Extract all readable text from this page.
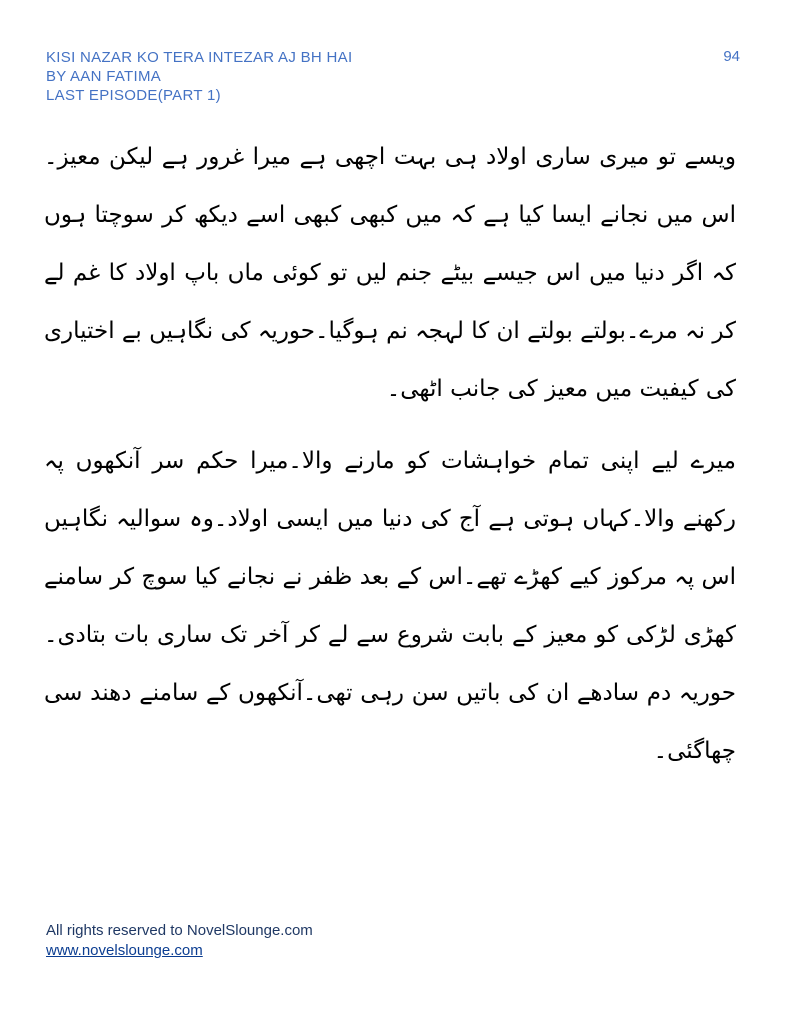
KISI NAZAR KO TERA INTEZAR AJ BH HAI
BY AAN FATIMA
LAST EPISODE(PART 1)
94

ویسے تو میری ساری اولاد ہی بہت اچھی ہے میرا غرور ہے لیکن معیز۔اس میں نجانے ایسا کیا ہے کہ میں کبھی کبھی اسے دیکھ کر سوچتا ہوں کہ اگر دنیا میں اس جیسے بیٹے جنم لیں تو کوئی ماں باپ اولاد کا غم لے کر نہ مرے۔بولتے بولتے ان کا لہجہ نم ہوگیا۔حوریہ کی نگاہیں بے اختیاری کی کیفیت میں معیز کی جانب اٹھی۔

میرے لیے اپنی تمام خواہشات کو مارنے والا۔میرا حکم سر آنکھوں پہ رکھنے والا۔کہاں ہوتی ہے آج کی دنیا میں ایسی اولاد۔وہ سوالیہ نگاہیں اس پہ مرکوز کیے کھڑے تھے۔اس کے بعد ظفر نے نجانے کیا سوچ کر سامنے کھڑی لڑکی کو معیز کے بابت شروع سے لے کر آخر تک ساری بات بتادی۔حوریہ دم سادھے ان کی باتیں سن رہی تھی۔آنکھوں کے سامنے دھند سی چھاگئی۔

All rights reserved to NovelSlounge.com
www.novelslounge.com
